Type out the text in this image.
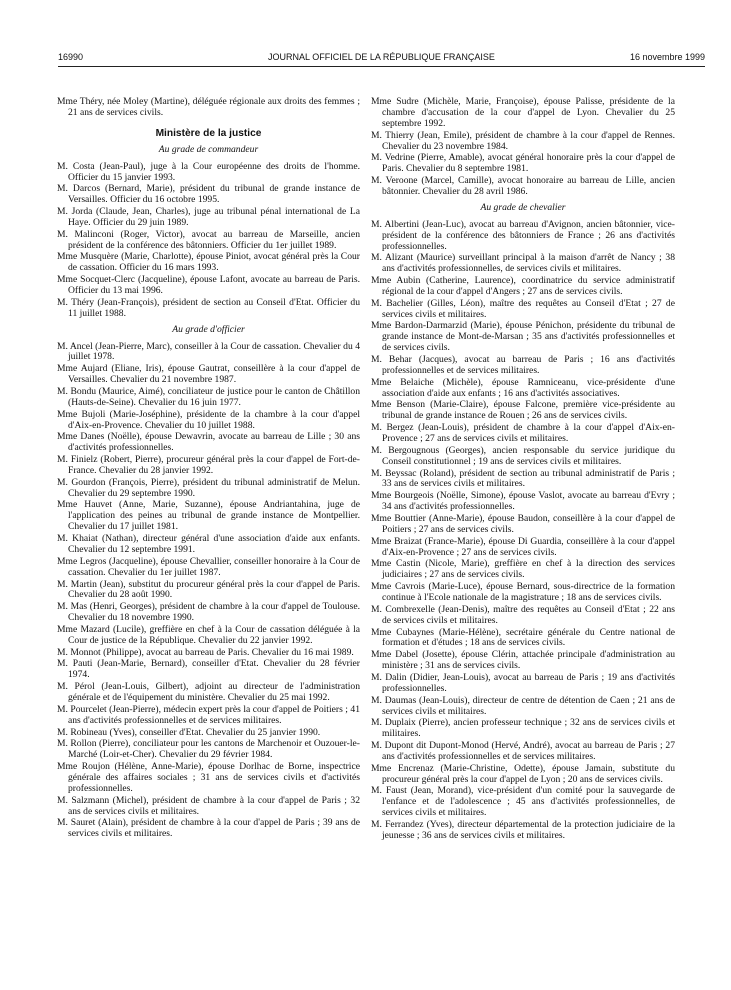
16990	JOURNAL OFFICIEL DE LA RÉPUBLIQUE FRANÇAISE	16 novembre 1999

Mme Théry, née Moley (Martine), déléguée régionale aux droits des femmes ; 21 ans de services civils.

Ministère de la justice
Au grade de commandeur

M. Costa (Jean-Paul), juge à la Cour européenne des droits de l'homme. Officier du 15 janvier 1993.

M. Darcos (Bernard, Marie), président du tribunal de grande instance de Versailles. Officier du 16 octobre 1995.

M. Jorda (Claude, Jean, Charles), juge au tribunal pénal international de La Haye. Officier du 29 juin 1989.

M. Malinconi (Roger, Victor), avocat au barreau de Marseille, ancien président de la conférence des bâtonniers. Officier du 1er juillet 1989.

Mme Musquère (Marie, Charlotte), épouse Piniot, avocat général près la Cour de cassation. Officier du 16 mars 1993.

Mme Socquet-Clerc (Jacqueline), épouse Lafont, avocate au barreau de Paris. Officier du 13 mai 1996.

M. Théry (Jean-François), président de section au Conseil d'Etat. Officier du 11 juillet 1988.

Au grade d'officier

M. Ancel (Jean-Pierre, Marc), conseiller à la Cour de cassation. Chevalier du 4 juillet 1978.

Mme Aujard (Eliane, Iris), épouse Gautrat, conseillère à la cour d'appel de Versailles. Chevalier du 21 novembre 1987.

M. Bondu (Maurice, Aimé), conciliateur de justice pour le canton de Châtillon (Hauts-de-Seine). Chevalier du 16 juin 1977.

Mme Bujoli (Marie-Joséphine), présidente de la chambre à la cour d'appel d'Aix-en-Provence. Chevalier du 10 juillet 1988.

Mme Danes (Noëlle), épouse Dewavrin, avocate au barreau de Lille ; 30 ans d'activités professionnelles.

M. Finielz (Robert, Pierre), procureur général près la cour d'appel de Fort-de-France. Chevalier du 28 janvier 1992.

M. Gourdon (François, Pierre), président du tribunal administratif de Melun. Chevalier du 29 septembre 1990.

Mme Hauvet (Anne, Marie, Suzanne), épouse Andriantahina, juge de l'application des peines au tribunal de grande instance de Montpellier. Chevalier du 17 juillet 1981.

M. Khaiat (Nathan), directeur général d'une association d'aide aux enfants. Chevalier du 12 septembre 1991.

Mme Legros (Jacqueline), épouse Chevallier, conseiller honoraire à la Cour de cassation. Chevalier du 1er juillet 1987.

M. Martin (Jean), substitut du procureur général près la cour d'appel de Paris. Chevalier du 28 août 1990.

M. Mas (Henri, Georges), président de chambre à la cour d'appel de Toulouse. Chevalier du 18 novembre 1990.

Mme Mazard (Lucile), greffière en chef à la Cour de cassation déléguée à la Cour de justice de la République. Chevalier du 22 janvier 1992.

M. Monnot (Philippe), avocat au barreau de Paris. Chevalier du 16 mai 1989.

M. Pauti (Jean-Marie, Bernard), conseiller d'Etat. Chevalier du 28 février 1974.

M. Pérol (Jean-Louis, Gilbert), adjoint au directeur de l'administration générale et de l'équipement du ministère. Chevalier du 25 mai 1992.

M. Pourcelet (Jean-Pierre), médecin expert près la cour d'appel de Poitiers ; 41 ans d'activités professionnelles et de services militaires.

M. Robineau (Yves), conseiller d'Etat. Chevalier du 25 janvier 1990.

M. Rollon (Pierre), conciliateur pour les cantons de Marchenoir et Ouzouer-le-Marché (Loir-et-Cher). Chevalier du 29 février 1984.

Mme Roujon (Hélène, Anne-Marie), épouse Dorlhac de Borne, inspectrice générale des affaires sociales ; 31 ans de services civils et d'activités professionnelles.

M. Salzmann (Michel), président de chambre à la cour d'appel de Paris ; 32 ans de services civils et militaires.

M. Sauret (Alain), président de chambre à la cour d'appel de Paris ; 39 ans de services civils et militaires.

Mme Sudre (Michèle, Marie, Françoise), épouse Palisse, présidente de la chambre d'accusation de la cour d'appel de Lyon. Chevalier du 25 septembre 1992.

M. Thierry (Jean, Emile), président de chambre à la cour d'appel de Rennes. Chevalier du 23 novembre 1984.

M. Vedrine (Pierre, Amable), avocat général honoraire près la cour d'appel de Paris. Chevalier du 8 septembre 1981.

M. Veroone (Marcel, Camille), avocat honoraire au barreau de Lille, ancien bâtonnier. Chevalier du 28 avril 1986.

Au grade de chevalier

M. Albertini (Jean-Luc), avocat au barreau d'Avignon, ancien bâtonnier, vice-président de la conférence des bâtonniers de France ; 26 ans d'activités professionnelles.

M. Alizant (Maurice) surveillant principal à la maison d'arrêt de Nancy ; 38 ans d'activités professionnelles, de services civils et militaires.

Mme Aubin (Catherine, Laurence), coordinatrice du service administratif régional de la cour d'appel d'Angers ; 27 ans de services civils.

M. Bachelier (Gilles, Léon), maître des requêtes au Conseil d'Etat ; 27 de services civils et militaires.

Mme Bardon-Darmarzid (Marie), épouse Pénichon, présidente du tribunal de grande instance de Mont-de-Marsan ; 35 ans d'activités professionnelles et de services civils.

M. Behar (Jacques), avocat au barreau de Paris ; 16 ans d'activités professionnelles et de services militaires.

Mme Belaiche (Michèle), épouse Ramniceanu, vice-présidente d'une association d'aide aux enfants ; 16 ans d'activités associatives.

Mme Benson (Marie-Claire), épouse Falcone, première vice-présidente au tribunal de grande instance de Rouen ; 26 ans de services civils.

M. Bergez (Jean-Louis), président de chambre à la cour d'appel d'Aix-en-Provence ; 27 ans de services civils et militaires.

M. Bergougnous (Georges), ancien responsable du service juridique du Conseil constitutionnel ; 19 ans de services civils et militaires.

M. Beyssac (Roland), président de section au tribunal administratif de Paris ; 33 ans de services civils et militaires.

Mme Bourgeois (Noëlle, Simone), épouse Vaslot, avocate au barreau d'Evry ; 34 ans d'activités professionnelles.

Mme Bouttier (Anne-Marie), épouse Baudon, conseillère à la cour d'appel de Poitiers ; 27 ans de services civils.

Mme Braizat (France-Marie), épouse Di Guardia, conseillère à la cour d'appel d'Aix-en-Provence ; 27 ans de services civils.

Mme Castin (Nicole, Marie), greffière en chef à la direction des services judiciaires ; 27 ans de services civils.

Mme Cavrois (Marie-Luce), épouse Bernard, sous-directrice de la formation continue à l'Ecole nationale de la magistrature ; 18 ans de services civils.

M. Combrexelle (Jean-Denis), maître des requêtes au Conseil d'Etat ; 22 ans de services civils et militaires.

Mme Cubaynes (Marie-Hélène), secrétaire générale du Centre national de formation et d'études ; 18 ans de services civils.

Mme Dabel (Josette), épouse Clérin, attachée principale d'administration au ministère ; 31 ans de services civils.

M. Dalin (Didier, Jean-Louis), avocat au barreau de Paris ; 19 ans d'activités professionnelles.

M. Daumas (Jean-Louis), directeur de centre de détention de Caen ; 21 ans de services civils et militaires.

M. Duplaix (Pierre), ancien professeur technique ; 32 ans de services civils et militaires.

M. Dupont dit Dupont-Monod (Hervé, André), avocat au barreau de Paris ; 27 ans d'activités professionnelles et de services militaires.

Mme Encrenaz (Marie-Christine, Odette), épouse Jamain, substitute du procureur général près la cour d'appel de Lyon ; 20 ans de services civils.

M. Faust (Jean, Morand), vice-président d'un comité pour la sauvegarde de l'enfance et de l'adolescence ; 45 ans d'activités professionnelles, de services civils et militaires.

M. Ferrandez (Yves), directeur départemental de la protection judiciaire de la jeunesse ; 36 ans de services civils et militaires.
